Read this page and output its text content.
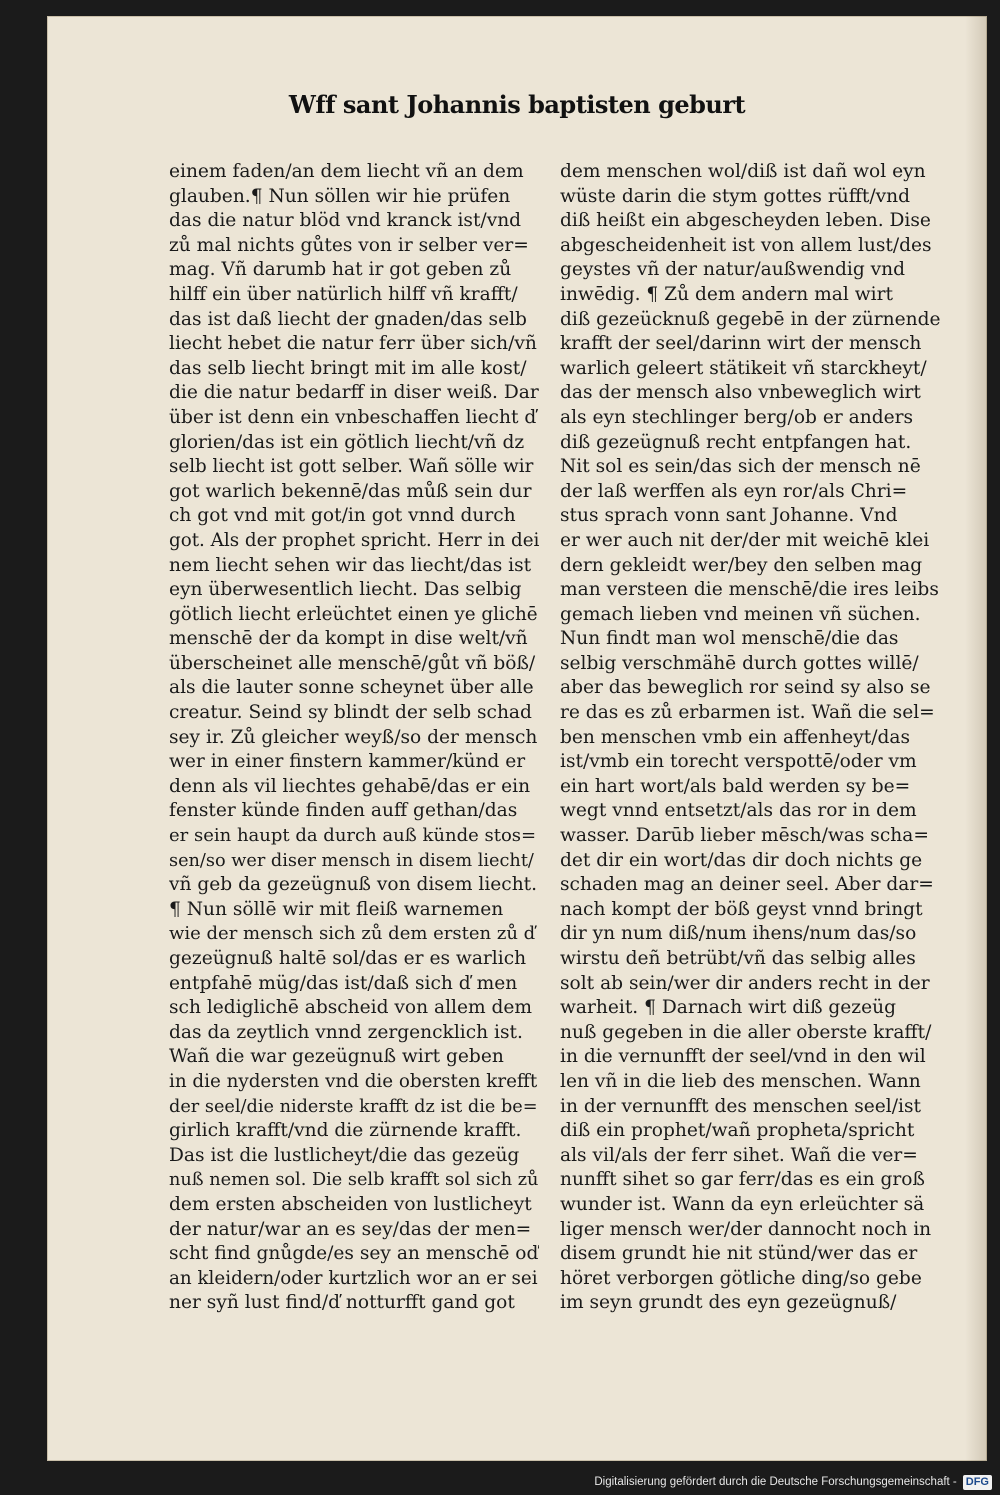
Wff sant Johannis baptisten geburt
einem faden/an dem liecht vñ an dem
glauben.¶ Nun söllen wir hie prüfen
das die natur blöd vnd kranck ist/vnd
zů mal nichts gůtes von ir selber ver=
mag. Vñ darumb hat ir got geben zů
hilff ein über natürlich hilff vñ krafft/
das ist daß liecht der gnaden/das selb
liecht hebet die natur ferr über sich/vñ
das selb liecht bringt mit im alle kost/
die die natur bedarff in diser weiß. Dar
über ist denn ein vnbeschaffen liecht ď
glorien/das ist ein götlich liecht/vñ dz
selb liecht ist gott selber. Wañ sölle wir
got warlich bekennē/das můß sein dur
ch got vnd mit got/in got vnnd durch
got. Als der prophet spricht. Herr in dei
nem liecht sehen wir das liecht/das ist
eyn überwesentlich liecht. Das selbig
götlich liecht erleüchtet einen ye glichē
menschē der da kompt in dise welt/vñ
überscheinet alle menschē/gůt vñ böß/
als die lauter sonne scheynet über alle
creatur. Seind sy blindt der selb schad
sey ir. Zů gleicher weyß/so der mensch
wer in einer finstern kammer/künd er
denn als vil liechtes gehabē/das er ein
fenster künde finden auff gethan/das
er sein haupt da durch auß künde stos=
sen/so wer diser mensch in disem liecht/
vñ geb da gezeügnuß von disem liecht.
¶ Nun söllē wir mit fleiß warnemen
wie der mensch sich zů dem ersten zů ď
gezeügnuß haltē sol/das er es warlich
entpfahē müg/das ist/daß sich ď men
sch lediglichē abscheid von allem dem
das da zeytlich vnnd zergencklich ist.
Wañ die war gezeügnuß wirt geben
in die nydersten vnd die obersten krefft
der seel/die niderste krafft dz ist die be=
girlich krafft/vnd die zürnende krafft.
Das ist die lustlicheyt/die das gezeüg
nuß nemen sol. Die selb krafft sol sich zů
dem ersten abscheiden von lustlicheyt
der natur/war an es sey/das der men=
scht find gnůgde/es sey an menschē oď
an kleidern/oder kurtzlich wor an er sei
ner syñ lust find/ď notturfft gand got
dem menschen wol/diß ist dañ wol eyn
wüste darin die stym gottes rüfft/vnd
diß heißt ein abgescheyden leben. Dise
abgescheidenheit ist von allem lust/des
geystes vñ der natur/außwendig vnd
inwēdig. ¶ Zů dem andern mal wirt
diß gezeücknuß gegebē in der zürnende
krafft der seel/darinn wirt der mensch
warlich geleert stätikeit vñ starckheyt/
das der mensch also vnbeweglich wirt
als eyn stechlinger berg/ob er anders
diß gezeügnuß recht entpfangen hat.
Nit sol es sein/das sich der mensch nē
der laß werffen als eyn ror/als Chri=
stus sprach vonn sant Johanne. Vnd
er wer auch nit der/der mit weichē klei
dern gekleidt wer/bey den selben mag
man versteen die menschē/die ires leibs
gemach lieben vnd meinen vñ süchen.
Nun findt man wol menschē/die das
selbig verschmähē durch gottes willē/
aber das beweglich ror seind sy also se
re das es zů erbarmen ist. Wañ die sel=
ben menschen vmb ein affenheyt/das
ist/vmb ein torecht verspottē/oder vm
ein hart wort/als bald werden sy be=
wegt vnnd entsetzt/als das ror in dem
wasser. Darūb lieber mēsch/was scha=
det dir ein wort/das dir doch nichts ge
schaden mag an deiner seel. Aber dar=
nach kompt der böß geyst vnnd bringt
dir yn num diß/num ihens/num das/so
wirstu deñ betrübt/vñ das selbig alles
solt ab sein/wer dir anders recht in der
warheit. ¶ Darnach wirt diß gezeüg
nuß gegeben in die aller oberste krafft/
in die vernunfft der seel/vnd in den wil
len vñ in die lieb des menschen. Wann
in der vernunfft des menschen seel/ist
diß ein prophet/wañ propheta/spricht
als vil/als der ferr sihet. Wañ die ver=
nunfft sihet so gar ferr/das es ein groß
wunder ist. Wann da eyn erleüchter sä
liger mensch wer/der dannocht noch in
disem grundt hie nit stünd/wer das er
höret verborgen götliche ding/so gebe
im seyn grundt des eyn gezeügnuß/
Digitalisierung gefördert durch die Deutsche Forschungsgemeinschaft - DFG
